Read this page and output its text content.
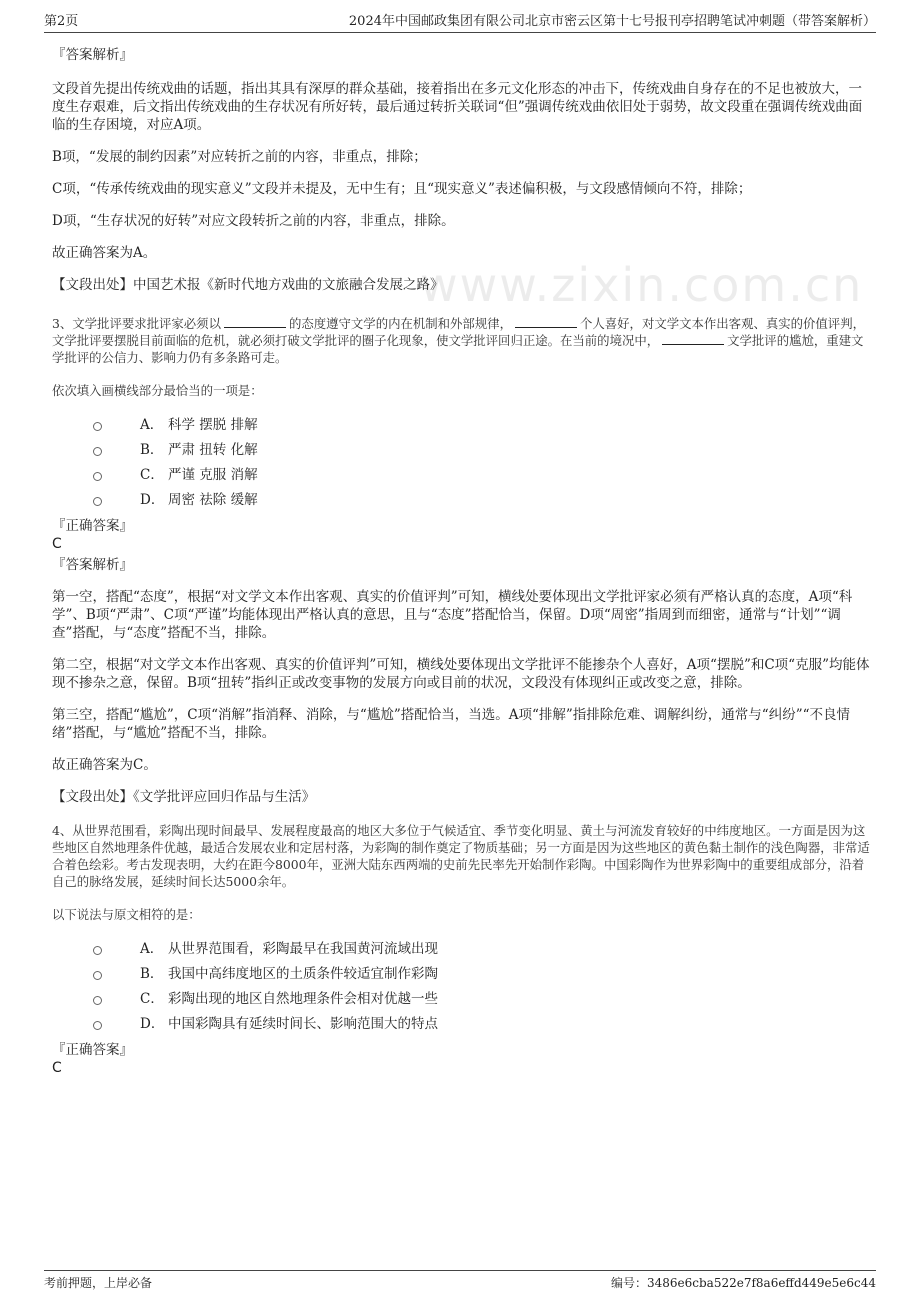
第2页	2024年中国邮政集团有限公司北京市密云区第十七号报刊亭招聘笔试冲刺题（带答案解析）
www.zixin.com.cn

『答案解析』

文段首先提出传统戏曲的话题，指出其具有深厚的群众基础，接着指出在多元文化形态的冲击下，传统戏曲自身存在的不足也被放大，一度生存艰难，后文指出传统戏曲的生存状况有所好转，最后通过转折关联词“但”强调传统戏曲依旧处于弱势，故文段重在强调传统戏曲面临的生存困境，对应A项。

B项，“发展的制约因素”对应转折之前的内容，非重点，排除；

C项，“传承传统戏曲的现实意义”文段并未提及，无中生有；且“现实意义”表述偏积极，与文段感情倾向不符，排除；

D项，“生存状况的好转”对应文段转折之前的内容，非重点，排除。

故正确答案为A。

【文段出处】中国艺术报《新时代地方戏曲的文旅融合发展之路》

3、文学批评要求批评家必须以	的态度遵守文学的内在机制和外部规律，	个人喜好，对文学文本作出客观、真实的价值评判，文学批评要摆脱目前面临的危机，就必须打破文学批评的圈子化现象，使文学批评回归正途。在当前的境况中，	文学批评的尴尬，重建文学批评的公信力、影响力仍有多条路可走。

依次填入画横线部分最恰当的一项是：

A． 科学 摆脱 排解
B． 严肃 扭转 化解
C． 严谨 克服 消解
D． 周密 祛除 缓解

『正确答案』

C

『答案解析』

第一空，搭配“态度”，根据“对文学文本作出客观、真实的价值评判”可知，横线处要体现出文学批评家必须有严格认真的态度，A项“科学”、B项“严肃”、C项“严谨”均能体现出严格认真的意思，且与“态度”搭配恰当，保留。D项“周密”指周到而细密，通常与“计划”“调查”搭配，与“态度”搭配不当，排除。

第二空，根据“对文学文本作出客观、真实的价值评判”可知，横线处要体现出文学批评不能掺杂个人喜好，A项“摆脱”和C项“克服”均能体现不掺杂之意，保留。B项“扭转”指纠正或改变事物的发展方向或目前的状况，文段没有体现纠正或改变之意，排除。

第三空，搭配“尴尬”，C项“消解”指消释、消除，与“尴尬”搭配恰当，当选。A项“排解”指排除危难、调解纠纷，通常与“纠纷”“不良情绪”搭配，与“尴尬”搭配不当，排除。

故正确答案为C。

【文段出处】《文学批评应回归作品与生活》

4、从世界范围看，彩陶出现时间最早、发展程度最高的地区大多位于气候适宜、季节变化明显、黄土与河流发育较好的中纬度地区。一方面是因为这些地区自然地理条件优越，最适合发展农业和定居村落，为彩陶的制作奠定了物质基础；另一方面是因为这些地区的黄色黏土制作的浅色陶器，非常适合着色绘彩。考古发现表明，大约在距今8000年，亚洲大陆东西两端的史前先民率先开始制作彩陶。中国彩陶作为世界彩陶中的重要组成部分，沿着自己的脉络发展，延续时间长达5000余年。

以下说法与原文相符的是：

A． 从世界范围看，彩陶最早在我国黄河流域出现
B． 我国中高纬度地区的土质条件较适宜制作彩陶
C． 彩陶出现的地区自然地理条件会相对优越一些
D． 中国彩陶具有延续时间长、影响范围大的特点

『正确答案』

C

考前押题，上岸必备	编号：3486e6cba522e7f8a6effd449e5e6c44
